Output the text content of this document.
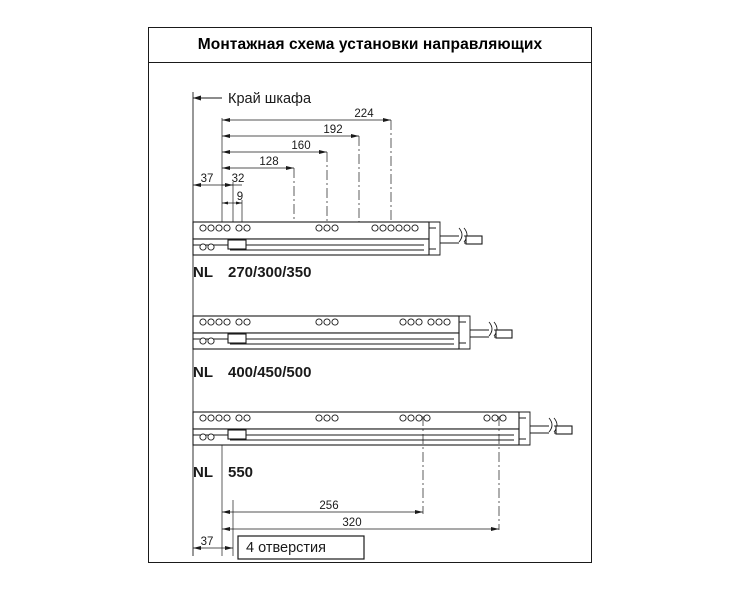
Монтажная схема установки направляющих
Край шкафа
224
192
160
128
37 32
9
NL 270/300/350
NL 400/450/500
NL 550
256
320
37 4 отверстия
